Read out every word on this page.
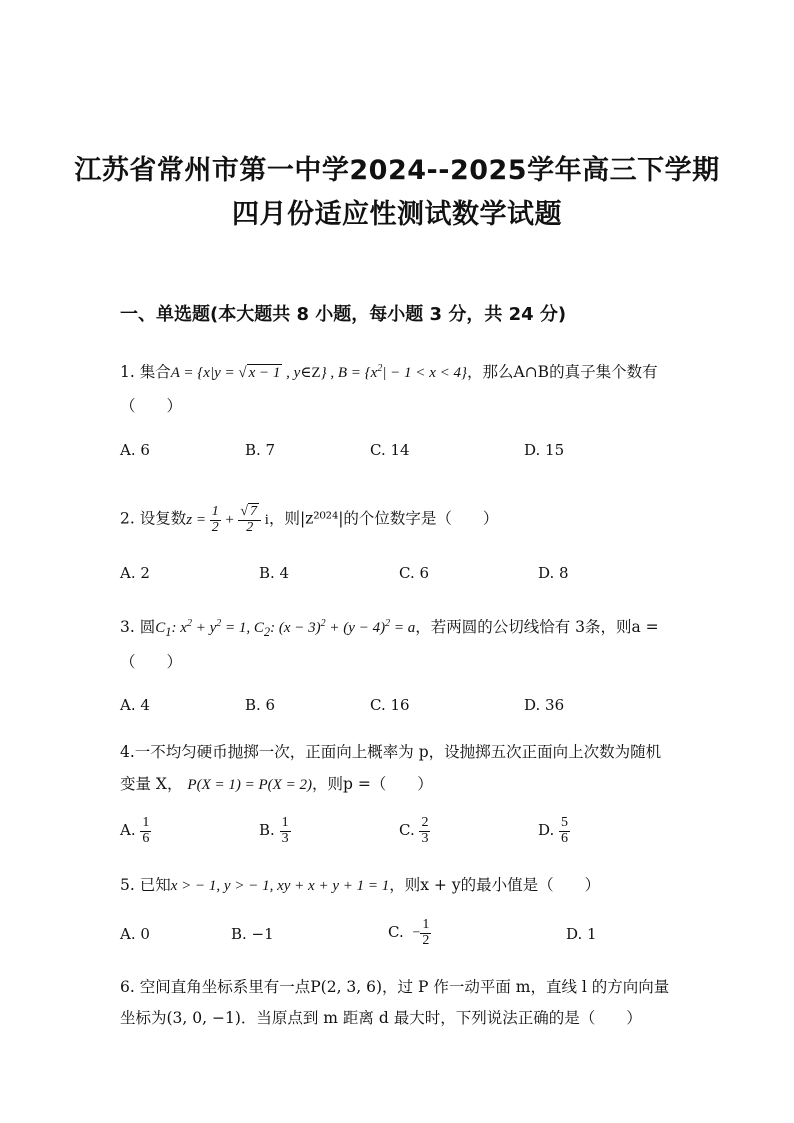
江苏省常州市第一中学2024--2025学年高三下学期
四月份适应性测试数学试题
一、单选题(本大题共 8 小题，每小题 3 分，共 24 分)
1. 集合A = {x|y = √ x − 1 , y∈Z} , $B = \{x^2| - 1 < x < 4\}$，那么A∩B的真子集个数有
（　　）
A. 6	B. 7	C. 14	D. 15
2. 设复数$z = \frac{1}{2} + \frac{√ 7}{2}$ i，则|z²⁰²⁴|的个位数字是（　　）
A. 2	B. 4	C. 6	D. 8
3. 圆$C_1$: $x^2 + y^2 = 1$, $C_2$: $(x - 3)^2 + (y - 4)^2 = a$，若两圆的公切线恰有 3条，则a =
（　　）
A. 4	B. 6	C. 16	D. 36
4.一不均匀硬币抛掷一次，正面向上概率为 p，设抛掷五次正面向上次数为随机
变量 X， P(X = 1) = P(X = 2)，则p =（　　）
A. $\frac{1}{6}$	B. $\frac{1}{3}$	C. $\frac{2}{3}$	D. $\frac{5}{6}$
5. 已知x > − 1, y > − 1, xy + x + y + 1 = 1，则x + y的最小值是（　　）
A. 0	B. −1	C. − $\frac{1}{2}$	D. 1
6. 空间直角坐标系里有一点P(2, 3, 6)，过 P 作一动平面 m，直线 l 的方向向量
坐标为(3, 0, −1)．当原点到 m 距离 d 最大时，下列说法正确的是（　　）
